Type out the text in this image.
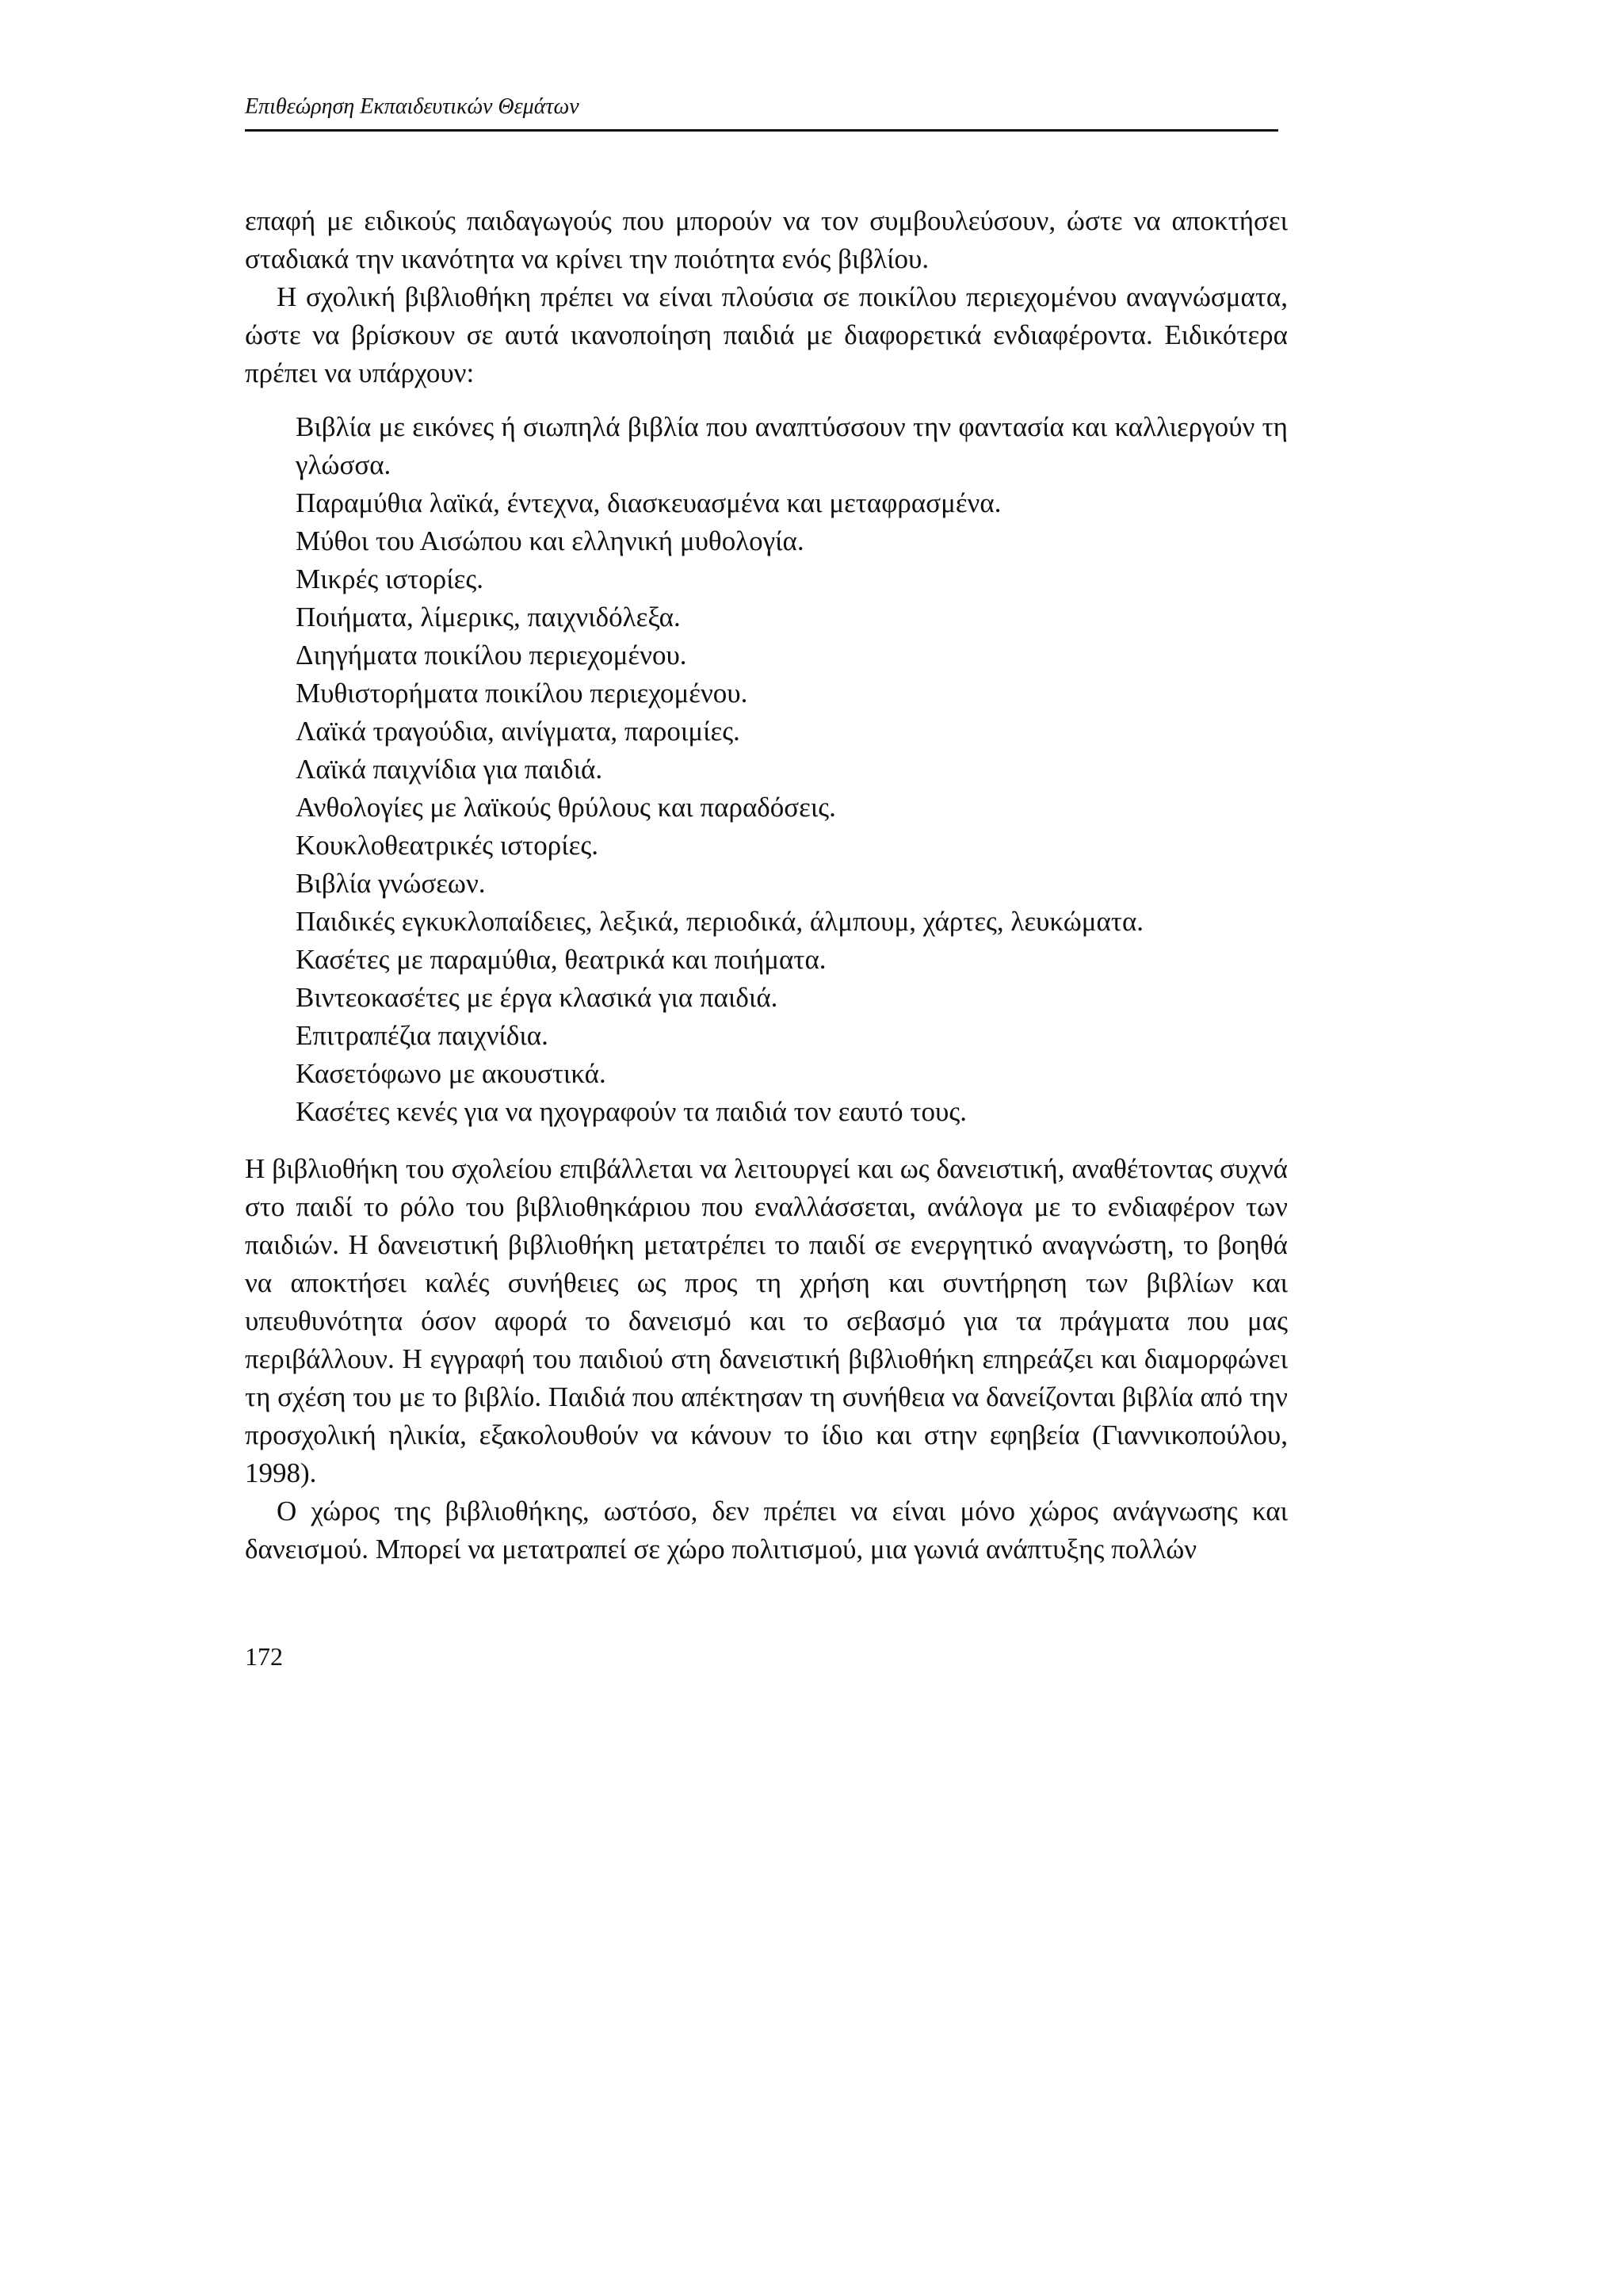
Επιθεώρηση Εκπαιδευτικών Θεμάτων

επαφή με ειδικούς παιδαγωγούς που μπορούν να τον συμβουλεύσουν, ώστε να αποκτήσει σταδιακά την ικανότητα να κρίνει την ποιότητα ενός βιβλίου.

Η σχολική βιβλιοθήκη πρέπει να είναι πλούσια σε ποικίλου περιεχομένου αναγνώσματα, ώστε να βρίσκουν σε αυτά ικανοποίηση παιδιά με διαφορετικά ενδιαφέροντα. Ειδικότερα πρέπει να υπάρχουν:

Βιβλία με εικόνες ή σιωπηλά βιβλία που αναπτύσσουν την φαντασία και καλλιεργούν τη γλώσσα.
Παραμύθια λαϊκά, έντεχνα, διασκευασμένα και μεταφρασμένα.
Μύθοι του Αισώπου και ελληνική μυθολογία.
Μικρές ιστορίες.
Ποιήματα, λίμερικς, παιχνιδόλεξα.
Διηγήματα ποικίλου περιεχομένου.
Μυθιστορήματα ποικίλου περιεχομένου.
Λαϊκά τραγούδια, αινίγματα, παροιμίες.
Λαϊκά παιχνίδια για παιδιά.
Ανθολογίες με λαϊκούς θρύλους και παραδόσεις.
Κουκλοθεατρικές ιστορίες.
Βιβλία γνώσεων.
Παιδικές εγκυκλοπαίδειες, λεξικά, περιοδικά, άλμπουμ, χάρτες, λευκώματα.
Κασέτες με παραμύθια, θεατρικά και ποιήματα.
Βιντεοκασέτες με έργα κλασικά για παιδιά.
Επιτραπέζια παιχνίδια.
Κασετόφωνο με ακουστικά.
Κασέτες κενές για να ηχογραφούν τα παιδιά τον εαυτό τους.

Η βιβλιοθήκη του σχολείου επιβάλλεται να λειτουργεί και ως δανειστική, αναθέτοντας συχνά στο παιδί το ρόλο του βιβλιοθηκάριου που εναλλάσσεται, ανάλογα με το ενδιαφέρον των παιδιών. Η δανειστική βιβλιοθήκη μετατρέπει το παιδί σε ενεργητικό αναγνώστη, το βοηθά να αποκτήσει καλές συνήθειες ως προς τη χρήση και συντήρηση των βιβλίων και υπευθυνότητα όσον αφορά το δανεισμό και το σεβασμό για τα πράγματα που μας περιβάλλουν. Η εγγραφή του παιδιού στη δανειστική βιβλιοθήκη επηρεάζει και διαμορφώνει τη σχέση του με το βιβλίο. Παιδιά που απέκτησαν τη συνήθεια να δανείζονται βιβλία από την προσχολική ηλικία, εξακολουθούν να κάνουν το ίδιο και στην εφηβεία (Γιαννικοπούλου, 1998).

Ο χώρος της βιβλιοθήκης, ωστόσο, δεν πρέπει να είναι μόνο χώρος ανάγνωσης και δανεισμού. Μπορεί να μετατραπεί σε χώρο πολιτισμού, μια γωνιά ανάπτυξης πολλών

172
